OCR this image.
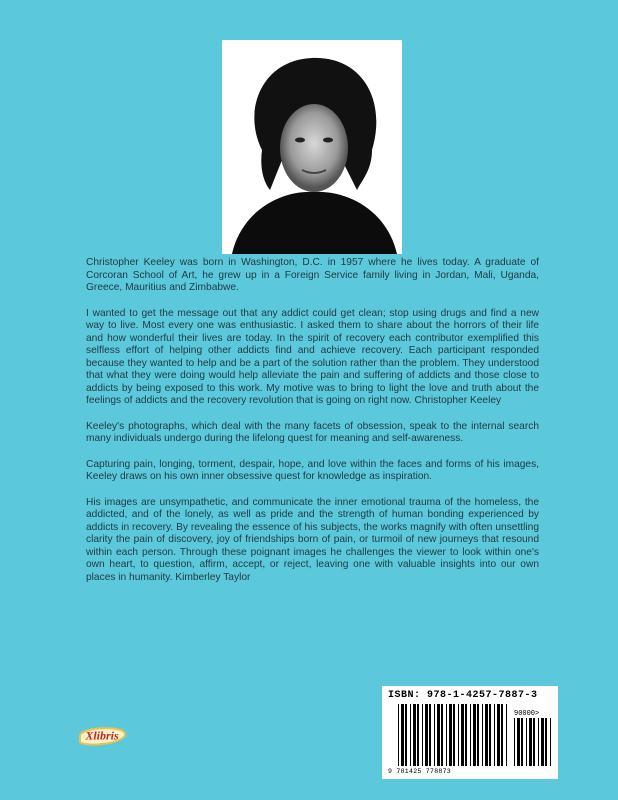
Christopher Keeley was born in Washington, D.C. in 1957 where he lives today. A graduate of Corcoran School of Art, he grew up in a Foreign Service family living in Jordan, Mali, Uganda, Greece, Mauritius and Zimbabwe.

I wanted to get the message out that any addict could get clean; stop using drugs and find a new way to live. Most every one was enthusiastic. I asked them to share about the horrors of their life and how wonderful their lives are today. In the spirit of recovery each contributor exemplified this selfless effort of helping other addicts find and achieve recovery. Each participant responded because they wanted to help and be a part of the solution rather than the problem. They understood that what they were doing would help alleviate the pain and suffering of addicts and those close to addicts by being exposed to this work. My motive was to bring to light the love and truth about the feelings of addicts and the recovery revolution that is going on right now. Christopher Keeley

Keeley's photographs, which deal with the many facets of obsession, speak to the internal search many individuals undergo during the lifelong quest for meaning and self-awareness.

Capturing pain, longing, torment, despair, hope, and love within the faces and forms of his images, Keeley draws on his own inner obsessive quest for knowledge as inspiration.

His images are unsympathetic, and communicate the inner emotional trauma of the homeless, the addicted, and of the lonely, as well as pride and the strength of human bonding experienced by addicts in recovery. By revealing the essence of his subjects, the works magnify with often unsettling clarity the pain of discovery, joy of friendships born of pain, or turmoil of new journeys that resound within each person. Through these poignant images he challenges the viewer to look within one's own heart, to question, affirm, accept, or reject, leaving one with valuable insights into our own places in humanity. Kimberley Taylor

Xlibris
ISBN: 978-1-4257-7887-3
90000>
9 781425 778873
